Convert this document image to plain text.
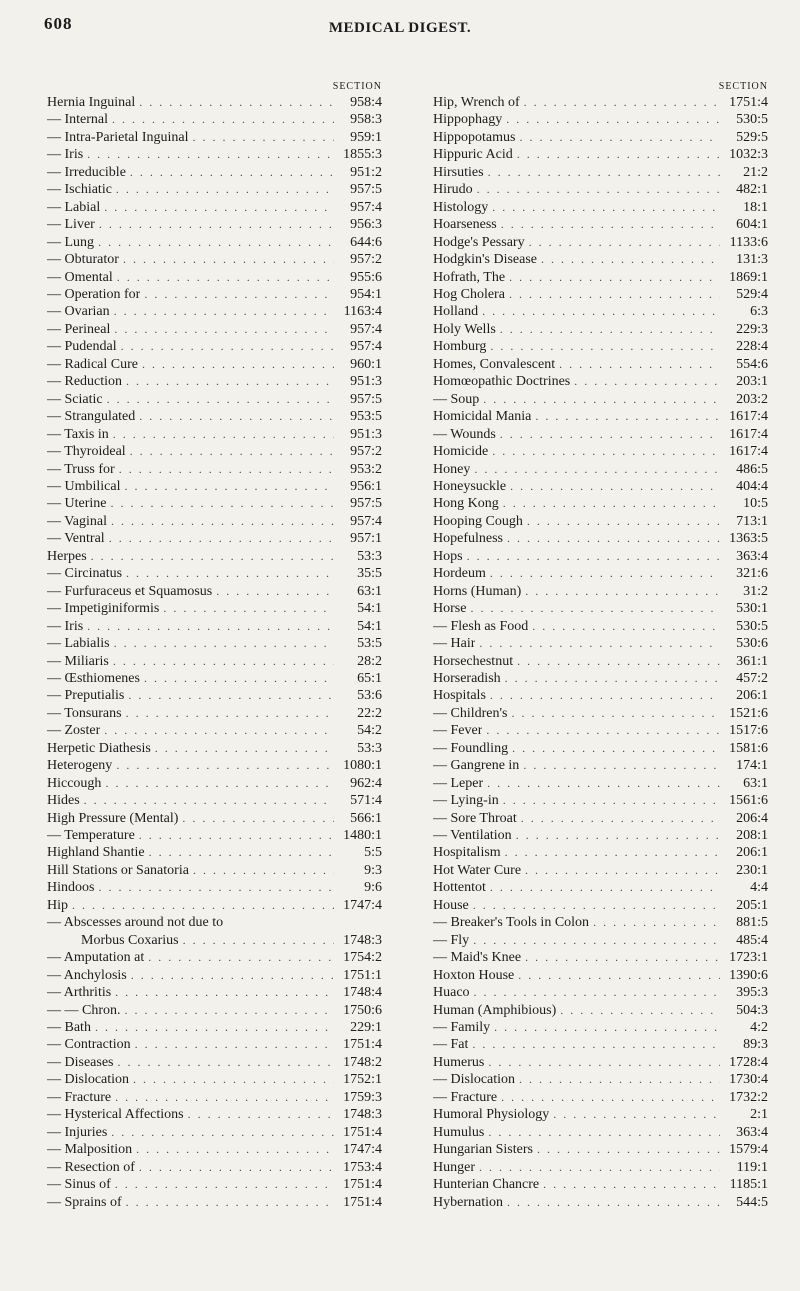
608	MEDICAL DIGEST.
SECTION
Hernia Inguinal . . .	958:4
— Internal . . .	958:3
— Intra-Parietal Inguinal . . .	959:1
— Iris . . .	1855:3
— Irreducible . . .	951:2
— Ischiatic . . .	957:5
— Labial . . .	957:4
— Liver . . .	956:3
— Lung . . .	644:6
— Obturator . . .	957:2
— Omental . . .	955:6
— Operation for . . .	954:1
— Ovarian . . .	1163:4
— Perineal . . .	957:4
— Pudendal . . .	957:4
— Radical Cure . . .	960:1
— Reduction . . .	951:3
— Sciatic . . .	957:5
— Strangulated . . .	953:5
— Taxis in . . .	951:3
— Thyroideal . . .	957:2
— Truss for . . .	953:2
— Umbilical . . .	956:1
— Uterine . . .	957:5
— Vaginal . . .	957:4
— Ventral . . .	957:1
Herpes . . .	53:3
— Circinatus . . .	35:5
— Furfuraceus et Squamosus . . .	63:1
— Impetiginiformis . . .	54:1
— Iris . . .	54:1
— Labialis . . .	53:5
— Miliaris . . .	28:2
— Œsthiomenes . . .	65:1
— Preputialis . . .	53:6
— Tonsurans . . .	22:2
— Zoster . . .	54:2
Herpetic Diathesis . . .	53:3
Heterogeny . . .	1080:1
Hiccough . . .	962:4
Hides . . .	571:4
High Pressure (Mental) . . .	566:1
— Temperature . . .	1480:1
Highland Shantie . . .	5:5
Hill Stations or Sanatoria . . .	9:3
Hindoos . . .	9:6
Hip . . .	1747:4
— Abscesses around not due to
Morbus Coxarius . . .	1748:3
— Amputation at . . .	1754:2
— Anchylosis . . .	1751:1
— Arthritis . . .	1748:4
— — Chron. . . .	1750:6
— Bath . . .	229:1
— Contraction . . .	1751:4
— Diseases . . .	1748:2
— Dislocation . . .	1752:1
— Fracture . . .	1759:3
— Hysterical Affections . . .	1748:3
— Injuries . . .	1751:4
— Malposition . . .	1747:4
— Resection of . . .	1753:4
— Sinus of . . .	1751:4
— Sprains of . . .	1751:4
SECTION
Hip, Wrench of . . .	1751:4
Hippophagy . . .	530:5
Hippopotamus . . .	529:5
Hippuric Acid . . .	1032:3
Hirsuties . . .	21:2
Hirudo . . .	482:1
Histology . . .	18:1
Hoarseness . . .	604:1
Hodge's Pessary . . .	1133:6
Hodgkin's Disease . . .	131:3
Hofrath, The . . .	1869:1
Hog Cholera . . .	529:4
Holland . . .	6:3
Holy Wells . . .	229:3
Homburg . . .	228:4
Homes, Convalescent . . .	554:6
Homœopathic Doctrines . . .	203:1
— Soup . . .	203:2
Homicidal Mania . . .	1617:4
— Wounds . . .	1617:4
Homicide . . .	1617:4
Honey . . .	486:5
Honeysuckle . . .	404:4
Hong Kong . . .	10:5
Hooping Cough . . .	713:1
Hopefulness . . .	1363:5
Hops . . .	363:4
Hordeum . . .	321:6
Horns (Human) . . .	31:2
Horse . . .	530:1
— Flesh as Food . . .	530:5
— Hair . . .	530:6
Horsechestnut . . .	361:1
Horseradish . . .	457:2
Hospitals . . .	206:1
— Children's . . .	1521:6
— Fever . . .	1517:6
— Foundling . . .	1581:6
— Gangrene in . . .	174:1
— Leper . . .	63:1
— Lying-in . . .	1561:6
— Sore Throat . . .	206:4
— Ventilation . . .	208:1
Hospitalism . . .	206:1
Hot Water Cure . . .	230:1
Hottentot . . .	4:4
House . . .	205:1
— Breaker's Tools in Colon . . .	881:5
— Fly . . .	485:4
— Maid's Knee . . .	1723:1
Hoxton House . . .	1390:6
Huaco . . .	395:3
Human (Amphibious) . . .	504:3
— Family . . .	4:2
— Fat . . .	89:3
Humerus . . .	1728:4
— Dislocation . . .	1730:4
— Fracture . . .	1732:2
Humoral Physiology . . .	2:1
Humulus . . .	363:4
Hungarian Sisters . . .	1579:4
Hunger . . .	119:1
Hunterian Chancre . . .	1185:1
Hybernation . . .	544:5
